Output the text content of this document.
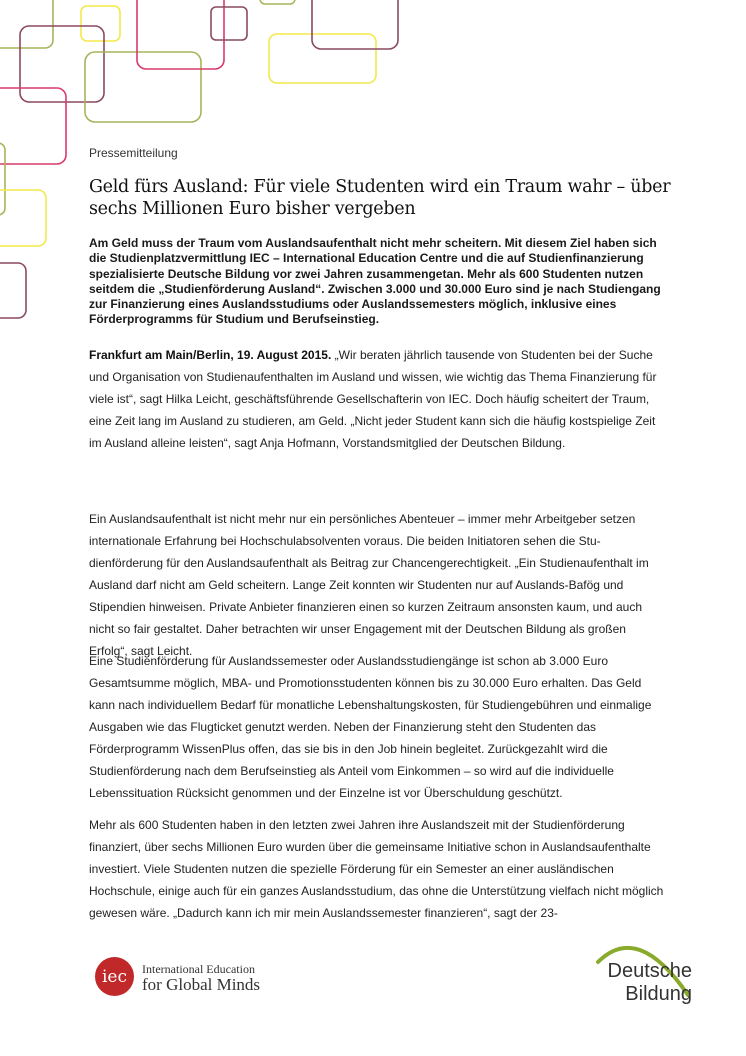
Pressemitteilung
Geld fürs Ausland: Für viele Studenten wird ein Traum wahr – über sechs Millionen Euro bisher vergeben

Am Geld muss der Traum vom Auslandsaufenthalt nicht mehr scheitern. Mit diesem Ziel haben sich die Studienplatzvermittlung IEC – International Education Centre und die auf Studienfinanzierung spezialisierte Deutsche Bildung vor zwei Jahren zusammengetan. Mehr als 600 Studenten nutzen seitdem die „Studienförderung Ausland“. Zwischen 3.000 und 30.000 Euro sind je nach Studiengang zur Finanzierung eines Auslandsstudiums oder Auslandssemesters möglich, inklusive eines Förderprogramms für Studium und Berufseinstieg.

Frankfurt am Main/Berlin, 19. August 2015. „Wir beraten jährlich tausende von Studenten bei der Suche und Organisation von Studienaufenthalten im Ausland und wissen, wie wichtig das Thema Finanzierung für viele ist“, sagt Hilka Leicht, geschäftsführende Gesellschafterin von IEC. Doch häufig scheitert der Traum, eine Zeit lang im Ausland zu studieren, am Geld. „Nicht jeder Student kann sich die häufig kostspielige Zeit im Ausland alleine leisten“, sagt Anja Hofmann, Vorstandsmitglied der Deutschen Bildung.

Ein Auslandsaufenthalt ist nicht mehr nur ein persönliches Abenteuer – immer mehr Arbeitgeber setzen internationale Erfahrung bei Hochschulabsolventen voraus. Die beiden Initiatoren sehen die Studienförderung für den Auslandsaufenthalt als Beitrag zur Chancengerechtigkeit. „Ein Studienaufenthalt im Ausland darf nicht am Geld scheitern. Lange Zeit konnten wir Studenten nur auf Auslands-Bafög und Stipendien hinweisen. Private Anbieter finanzieren einen so kurzen Zeitraum ansonsten kaum, und auch nicht so fair gestaltet. Daher betrachten wir unser Engagement mit der Deutschen Bildung als großen Erfolg“, sagt Leicht.

Eine Studienförderung für Auslandssemester oder Auslandsstudiengänge ist schon ab 3.000 Euro Gesamtsumme möglich, MBA- und Promotionsstudenten können bis zu 30.000 Euro erhalten. Das Geld kann nach individuellem Bedarf für monatliche Lebenshaltungskosten, für Studiengebühren und einmalige Ausgaben wie das Flugticket genutzt werden. Neben der Finanzierung steht den Studenten das Förderprogramm WissenPlus offen, das sie bis in den Job hinein begleitet. Zurückgezahlt wird die Studienförderung nach dem Berufseinstieg als Anteil vom Einkommen – so wird auf die individuelle Lebenssituation Rücksicht genommen und der Einzelne ist vor Überschuldung geschützt.

Mehr als 600 Studenten haben in den letzten zwei Jahren ihre Auslandszeit mit der Studienförderung finanziert, über sechs Millionen Euro wurden über die gemeinsame Initiative schon in Auslandsaufenthalte investiert. Viele Studenten nutzen die spezielle Förderung für ein Semester an einer ausländischen Hochschule, einige auch für ein ganzes Auslandsstudium, das ohne die Unterstützung vielfach nicht möglich gewesen wäre. „Dadurch kann ich mir mein Auslandssemester finanzieren“, sagt der 23-

iec	International Education
for Global Minds
Deutsche
Bildung
